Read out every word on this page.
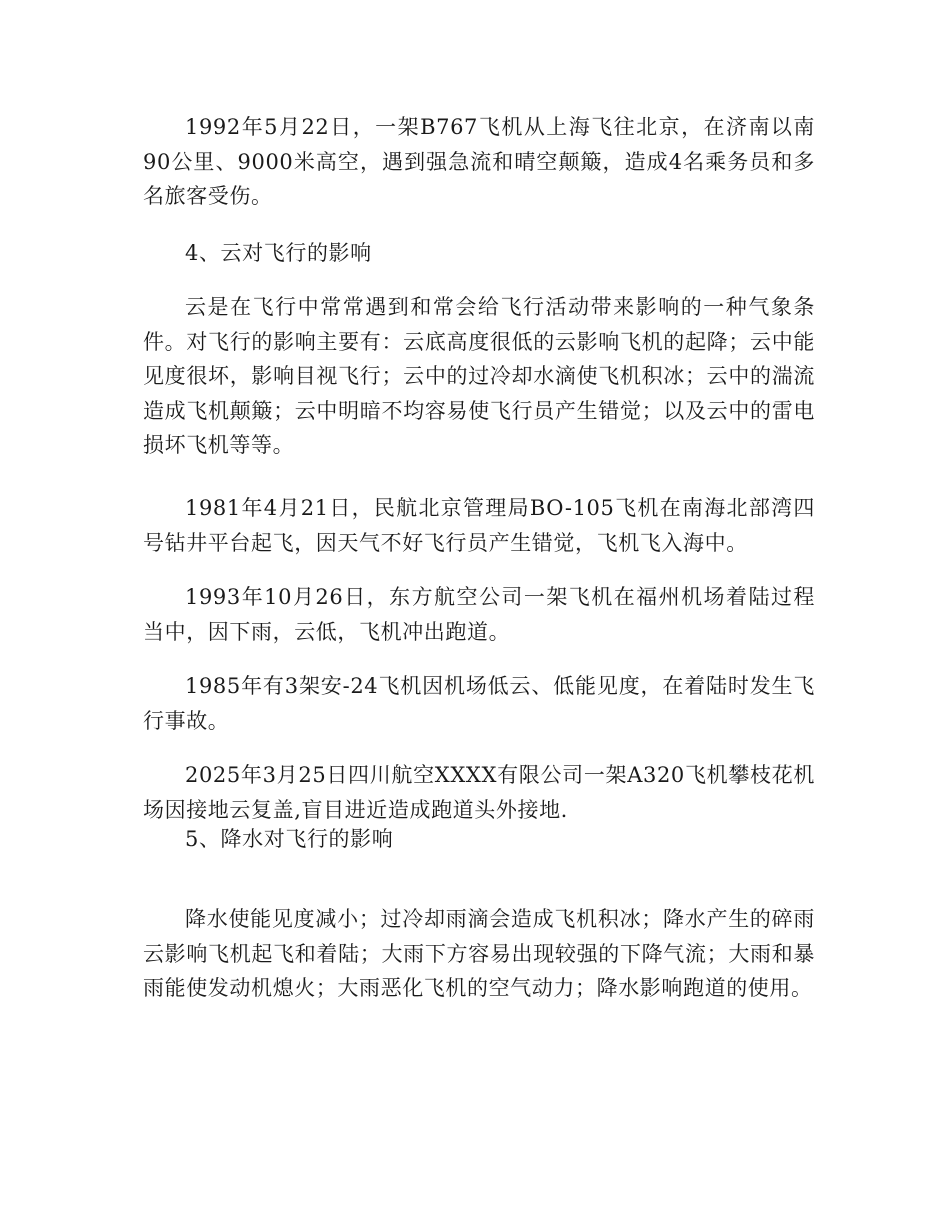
1992年5月22日，一架B767飞机从上海飞往北京，在济南以南90公里、9000米高空，遇到强急流和晴空颠簸，造成4名乘务员和多名旅客受伤。

4、云对飞行的影响

云是在飞行中常常遇到和常会给飞行活动带来影响的一种气象条件。对飞行的影响主要有：云底高度很低的云影响飞机的起降；云中能见度很坏，影响目视飞行；云中的过冷却水滴使飞机积冰；云中的湍流造成飞机颠簸；云中明暗不均容易使飞行员产生错觉；以及云中的雷电损坏飞机等等。

1981年4月21日，民航北京管理局BO-105飞机在南海北部湾四号钻井平台起飞，因天气不好飞行员产生错觉，飞机飞入海中。

1993年10月26日，东方航空公司一架飞机在福州机场着陆过程当中，因下雨，云低，飞机冲出跑道。

1985年有3架安-24飞机因机场低云、低能见度，在着陆时发生飞行事故。

2025年3月25日四川航空XXXX有限公司一架A320飞机攀枝花机场因接地云复盖,盲目进近造成跑道头外接地.

5、降水对飞行的影响

降水使能见度减小；过冷却雨滴会造成飞机积冰；降水产生的碎雨云影响飞机起飞和着陆；大雨下方容易出现较强的下降气流；大雨和暴雨能使发动机熄火；大雨恶化飞机的空气动力；降水影响跑道的使用。
